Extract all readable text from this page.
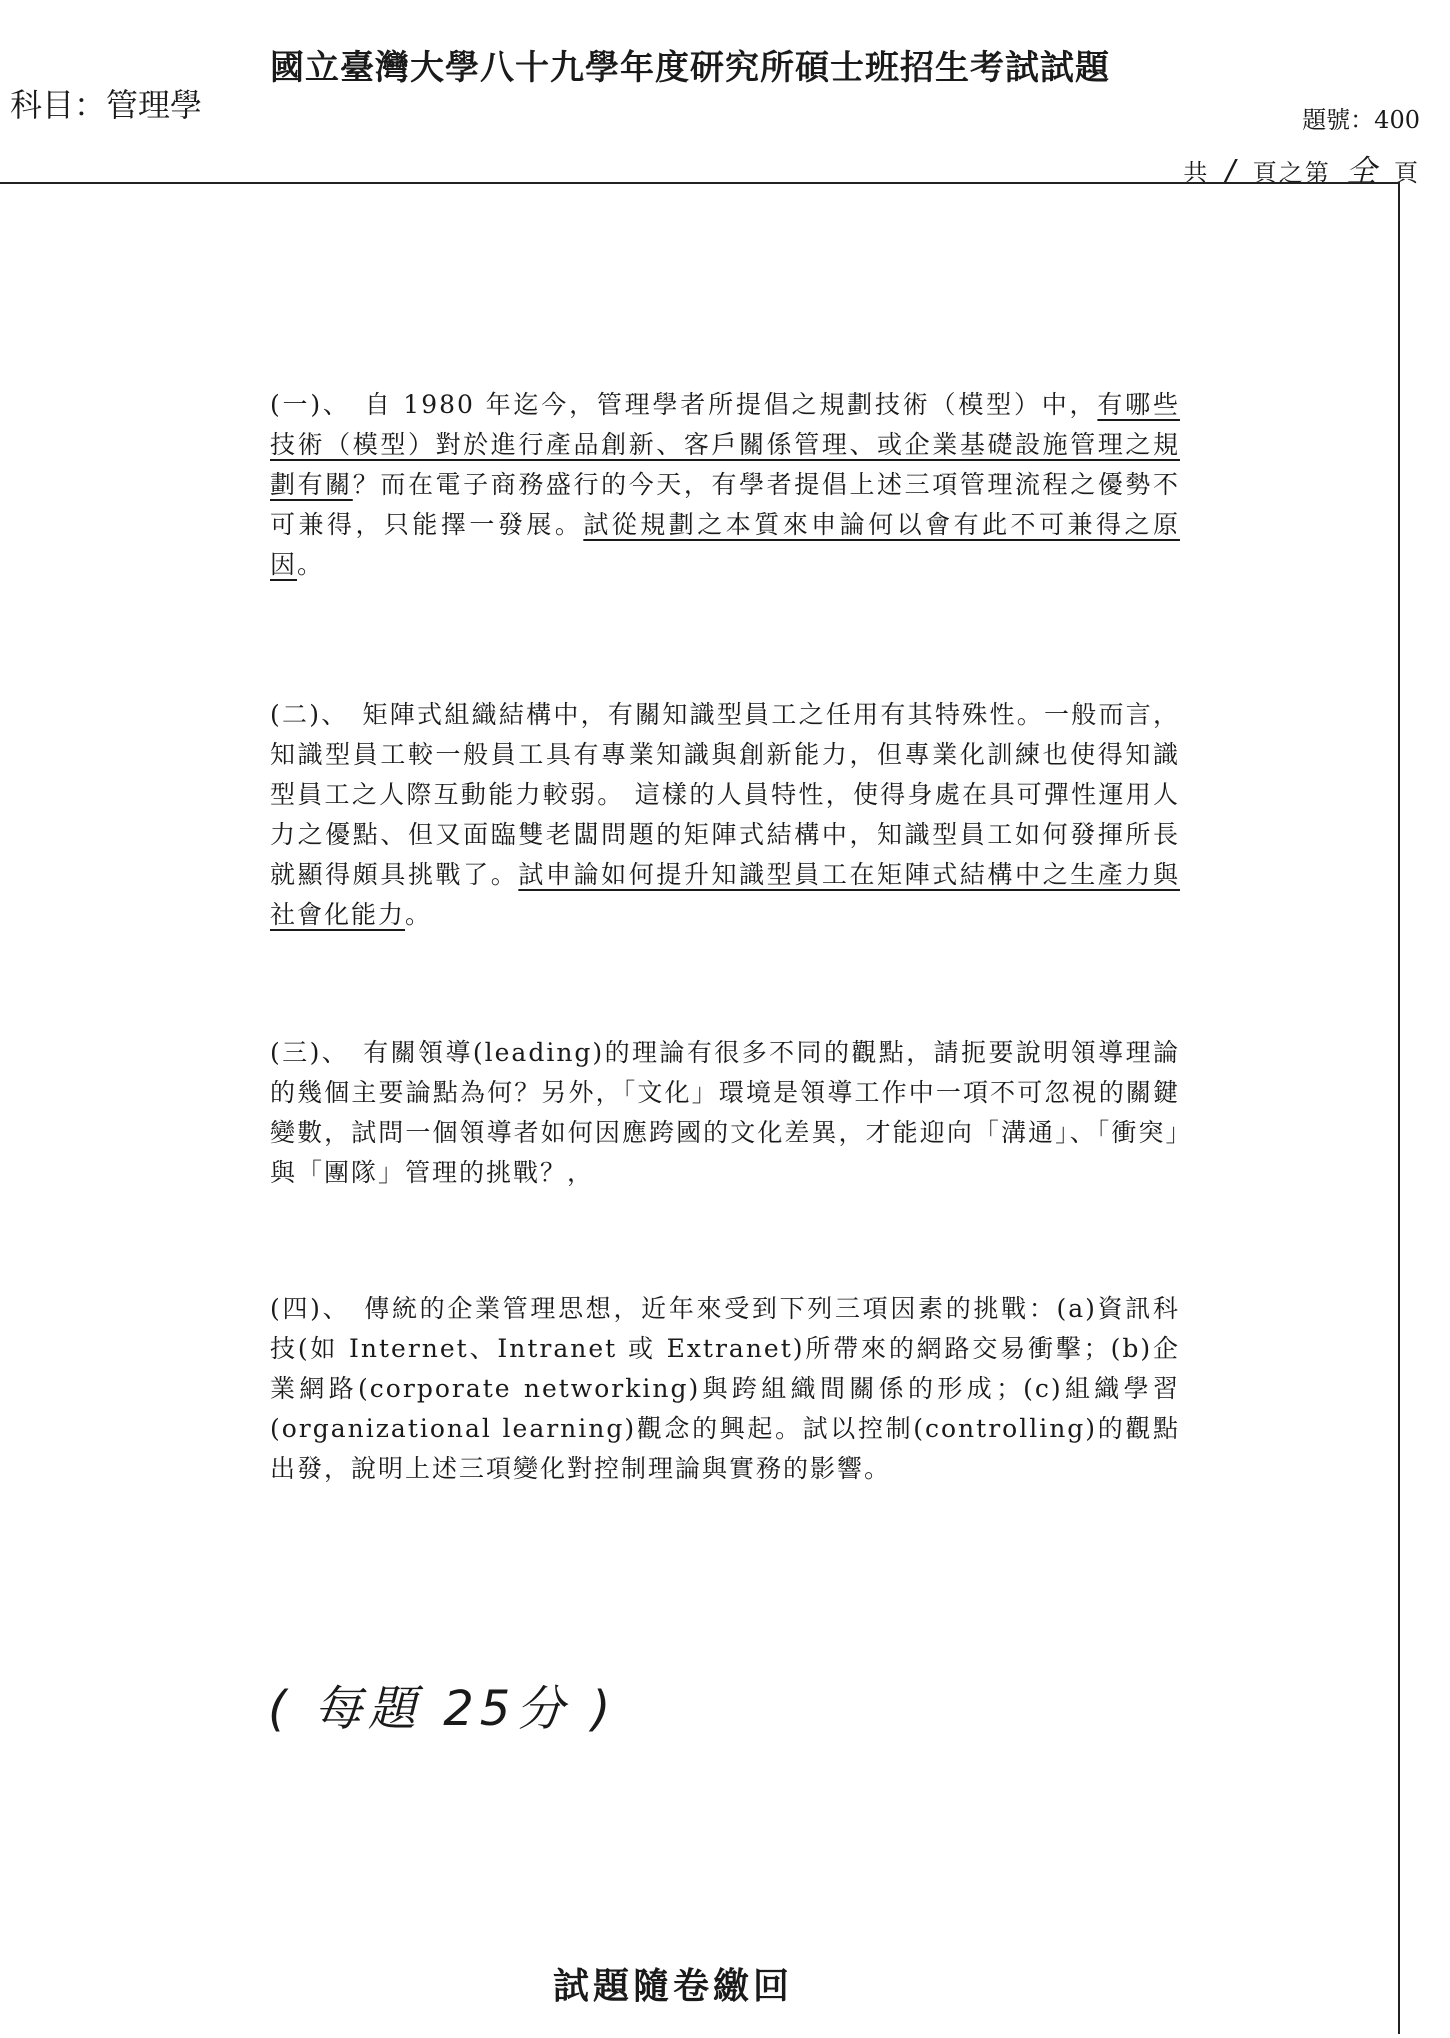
國立臺灣大學八十九學年度研究所碩士班招生考試試題
科目：管理學	題號：400
共 / 頁之第 全 頁

(一)、 自 1980 年迄今，管理學者所提倡之規劃技術（模型）中，有哪些技術（模型）對於進行產品創新、客戶關係管理、或企業基礎設施管理之規劃有關？而在電子商務盛行的今天，有學者提倡上述三項管理流程之優勢不可兼得，只能擇一發展。試從規劃之本質來申論何以會有此不可兼得之原因。

(二)、 矩陣式組織結構中，有關知識型員工之任用有其特殊性。一般而言，知識型員工較一般員工具有專業知識與創新能力，但專業化訓練也使得知識型員工之人際互動能力較弱。 這樣的人員特性，使得身處在具可彈性運用人力之優點、但又面臨雙老闆問題的矩陣式結構中，知識型員工如何發揮所長就顯得頗具挑戰了。試申論如何提升知識型員工在矩陣式結構中之生產力與社會化能力。

(三)、 有關領導(leading)的理論有很多不同的觀點，請扼要說明領導理論的幾個主要論點為何？另外，「文化」環境是領導工作中一項不可忽視的關鍵變數，試問一個領導者如何因應跨國的文化差異，才能迎向「溝通」、「衝突」與「團隊」管理的挑戰？，

(四)、 傳統的企業管理思想，近年來受到下列三項因素的挑戰：(a)資訊科技(如 Internet、Intranet 或 Extranet)所帶來的網路交易衝擊；(b)企業網路(corporate networking)與跨組織間關係的形成；(c)組織學習(organizational learning)觀念的興起。試以控制(controlling)的觀點出發，說明上述三項變化對控制理論與實務的影響。

( 每題 25分 )
試題隨卷繳回
